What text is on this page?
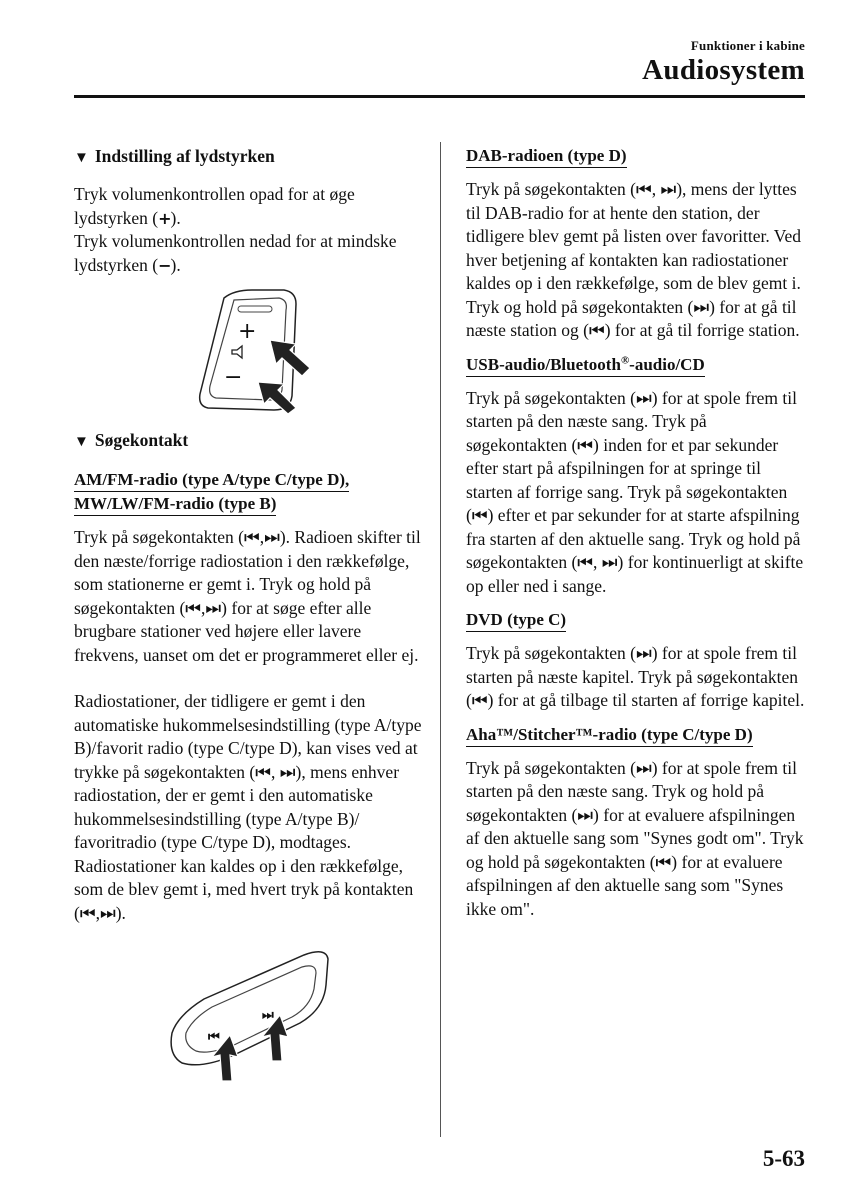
Funktioner i kabine
Audiosystem
▼ Indstilling af lydstyrken

Tryk volumenkontrollen opad for at øge lydstyrken (+).

Tryk volumenkontrollen nedad for at mindske lydstyrken (−).

+
−
▼ Søgekontakt
AM/FM-radio (type A/type C/type D),
MW/LW/FM-radio (type B)

Tryk på søgekontakten (⏮,⏭). Radioen skifter til den næste/forrige radiostation i den rækkefølge, som stationerne er gemt i. Tryk og hold på søgekontakten (⏮,⏭) for at søge efter alle brugbare stationer ved højere eller lavere frekvens, uanset om det er programmeret eller ej.

Radiostationer, der tidligere er gemt i den automatiske hukommelsesindstilling (type A/type B)/favorit radio (type C/type D), kan vises ved at trykke på søgekontakten (⏮, ⏭), mens enhver radiostation, der er gemt i den automatiske hukommelsesindstilling (type A/type B)/ favoritradio (type C/type D), modtages. Radiostationer kan kaldes op i den rækkefølge, som de blev gemt i, med hvert tryk på kontakten (⏮,⏭).

⏮
⏭
DAB-radioen (type D)

Tryk på søgekontakten (⏮, ⏭), mens der lyttes til DAB-radio for at hente den station, der tidligere blev gemt på listen over favoritter. Ved hver betjening af kontakten kan radiostationer kaldes op i den rækkefølge, som de blev gemt i. Tryk og hold på søgekontakten (⏭) for at gå til næste station og (⏮) for at gå til forrige station.

USB-audio/Bluetooth®-audio/CD

Tryk på søgekontakten (⏭) for at spole frem til starten på den næste sang. Tryk på søgekontakten (⏮) inden for et par sekunder efter start på afspilningen for at springe til starten af forrige sang. Tryk på søgekontakten (⏮) efter et par sekunder for at starte afspilning fra starten af den aktuelle sang. Tryk og hold på søgekontakten (⏮, ⏭) for kontinuerligt at skifte op eller ned i sange.

DVD (type C)

Tryk på søgekontakten (⏭) for at spole frem til starten på næste kapitel. Tryk på søgekontakten (⏮) for at gå tilbage til starten af forrige kapitel.

Aha™/Stitcher™-radio (type C/type D)

Tryk på søgekontakten (⏭) for at spole frem til starten på den næste sang. Tryk og hold på søgekontakten (⏭) for at evaluere afspilningen af den aktuelle sang som "Synes godt om". Tryk og hold på søgekontakten (⏮) for at evaluere afspilningen af den aktuelle sang som "Synes ikke om".

5-63
